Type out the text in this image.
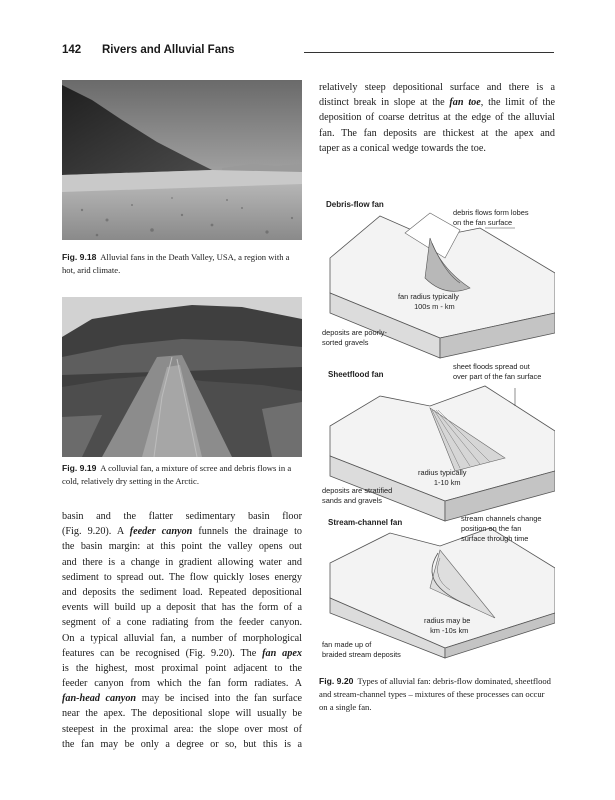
142 Rivers and Alluvial Fans
relatively steep depositional surface and there is a
distinct break in slope at the fan toe, the limit of the
deposition of coarse detritus at the edge of the alluvial
fan. The fan deposits are thickest at the apex and
taper as a conical wedge towards the toe.
Fig. 9.18 Alluvial fans in the Death Valley, USA, a region with a hot, arid climate.
Fig. 9.19 A colluvial fan, a mixture of scree and debris flows in a cold, relatively dry setting in the Arctic.
basin and the flatter sedimentary basin floor
(Fig. 9.20). A feeder canyon funnels the drainage to
the basin margin: at this point the valley opens out
and there is a change in gradient allowing water and
sediment to spread out. The flow quickly loses energy
and deposits the sediment load. Repeated depositional
events will build up a deposit that has the form of a
segment of a cone radiating from the feeder canyon.
On a typical alluvial fan, a number of morphological
features can be recognised (Fig. 9.20). The fan apex
is the highest, most proximal point adjacent to the
feeder canyon from which the fan form radiates. A
fan-head canyon may be incised into the fan surface
near the apex. The depositional slope will usually be
steepest in the proximal area: the slope over most of
the fan may be only a degree or so, but this is a
Debris-flow fan
debris flows form lobes
on the fan surface
fan radius typically
100s m - km
deposits are poorly-
sorted gravels
Sheetflood fan
sheet floods spread out
over part of the fan surface
radius typically
1-10 km
deposits are stratified
sands and gravels
Stream-channel fan	stream channels change
position on the fan
surface through time
radius may be
km -10s km
fan made up of
braided stream deposits
Fig. 9.20 Types of alluvial fan: debris-flow dominated, sheetflood and stream-channel types – mixtures of these processes can occur on a single fan.
